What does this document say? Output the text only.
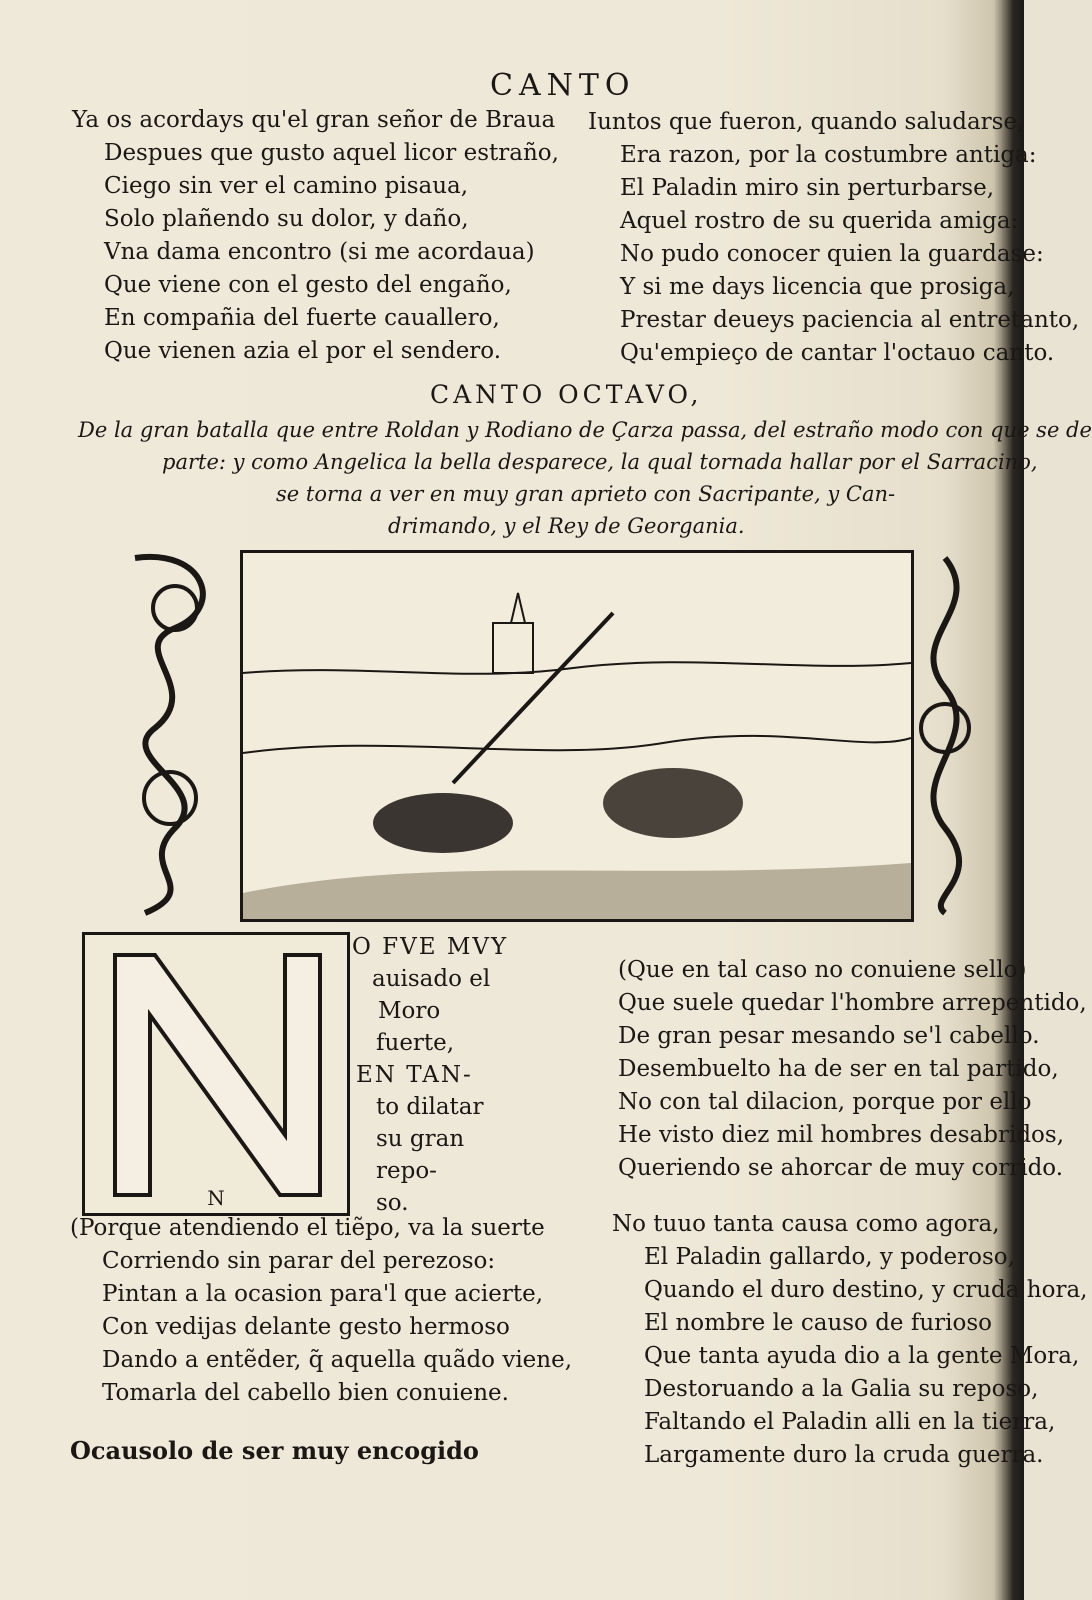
CANTO
Ya os acordays qu'el gran señor de Braua
Despues que gusto aquel licor estraño,
Ciego sin ver el camino pisaua,
Solo plañendo su dolor, y daño,
Vna dama encontro (si me acordaua)
Que viene con el gesto del engaño,
En compañia del fuerte cauallero,
Que vienen azia el por el sendero.
Iuntos que fueron, quando saludarse,
Era razon, por la costumbre antiga:
El Paladin miro sin perturbarse,
Aquel rostro de su querida amiga:
No pudo conocer quien la guardase:
Y si me days licencia que prosiga,
Prestar deueys paciencia al entretanto,
Qu'empieço de cantar l'octauo canto.
CANTO OCTAVO,
De la gran batalla que entre Roldan y Rodiano de Çarza passa, del estraño modo con que se de
parte: y como Angelica la bella desparece, la qual tornada hallar por el Sarracino,
se torna a ver en muy gran aprieto con Sacripante, y Can-
drimando, y el Rey de Georgania.
N
O FVE MVY
auisado el
Moro
fuerte,
EN TAN-
to dilatar
su gran
repo-
so.
(Que en tal caso no conuiene sello)
Que suele quedar l'hombre arrepentido,
De gran pesar mesando se'l cabello.
Desembuelto ha de ser en tal partido,
No con tal dilacion, porque por ello
He visto diez mil hombres desabridos,
Queriendo se ahorcar de muy corrido.
(Porque atendiendo el tiẽpo, va la suerte
Corriendo sin parar del perezoso:
Pintan a la ocasion para'l que acierte,
Con vedijas delante gesto hermoso
Dando a entẽder, q̃ aquella quãdo viene,
Tomarla del cabello bien conuiene.
No tuuo tanta causa como agora,
El Paladin gallardo, y poderoso,
Quando el duro destino, y cruda hora,
El nombre le causo de furioso
Que tanta ayuda dio a la gente Mora,
Destoruando a la Galia su reposo,
Faltando el Paladin alli en la tierra,
Largamente duro la cruda guerra.
Ocausolo de ser muy encogido
